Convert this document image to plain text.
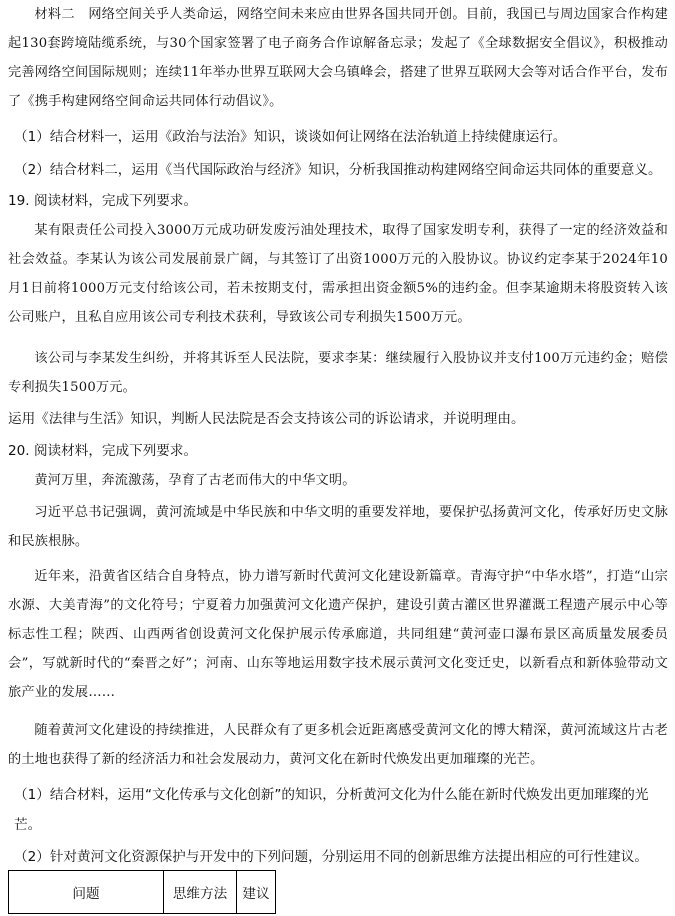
材料二　网络空间关乎人类命运，网络空间未来应由世界各国共同开创。目前，我国已与周边国家合作构建起130套跨境陆缆系统，与30个国家签署了电子商务合作谅解备忘录；发起了《全球数据安全倡议》，积极推动完善网络空间国际规则；连续11年举办世界互联网大会乌镇峰会，搭建了世界互联网大会等对话合作平台，发布了《携手构建网络空间命运共同体行动倡议》。

（1）结合材料一，运用《政治与法治》知识，谈谈如何让网络在法治轨道上持续健康运行。

（2）结合材料二，运用《当代国际政治与经济》知识，分析我国推动构建网络空间命运共同体的重要意义。

19. 阅读材料，完成下列要求。

某有限责任公司投入3000万元成功研发废污油处理技术，取得了国家发明专利，获得了一定的经济效益和社会效益。李某认为该公司发展前景广阔，与其签订了出资1000万元的入股协议。协议约定李某于2024年10月1日前将1000万元支付给该公司，若未按期支付，需承担出资金额5%的违约金。但李某逾期未将股资转入该公司账户，且私自应用该公司专利技术获利，导致该公司专利损失1500万元。

该公司与李某发生纠纷，并将其诉至人民法院，要求李某：继续履行入股协议并支付100万元违约金；赔偿专利损失1500万元。

运用《法律与生活》知识，判断人民法院是否会支持该公司的诉讼请求，并说明理由。

20. 阅读材料，完成下列要求。

黄河万里，奔流激荡，孕育了古老而伟大的中华文明。

习近平总书记强调，黄河流域是中华民族和中华文明的重要发祥地，要保护弘扬黄河文化，传承好历史文脉和民族根脉。

近年来，沿黄省区结合自身特点，协力谱写新时代黄河文化建设新篇章。青海守护“中华水塔”，打造“山宗水源、大美青海”的文化符号；宁夏着力加强黄河文化遗产保护，建设引黄古灌区世界灌溉工程遗产展示中心等标志性工程；陕西、山西两省创设黄河文化保护展示传承廊道，共同组建“黄河壶口瀑布景区高质量发展委员会”，写就新时代的“秦晋之好”；河南、山东等地运用数字技术展示黄河文化变迁史，以新看点和新体验带动文旅产业的发展……

随着黄河文化建设的持续推进，人民群众有了更多机会近距离感受黄河文化的博大精深，黄河流域这片古老的土地也获得了新的经济活力和社会发展动力，黄河文化在新时代焕发出更加璀璨的光芒。

（1）结合材料，运用“文化传承与文化创新”的知识，分析黄河文化为什么能在新时代焕发出更加璀璨的光芒。

（2）针对黄河文化资源保护与开发中的下列问题，分别运用不同的创新思维方法提出相应的可行性建议。

问题	思维方法	建议
